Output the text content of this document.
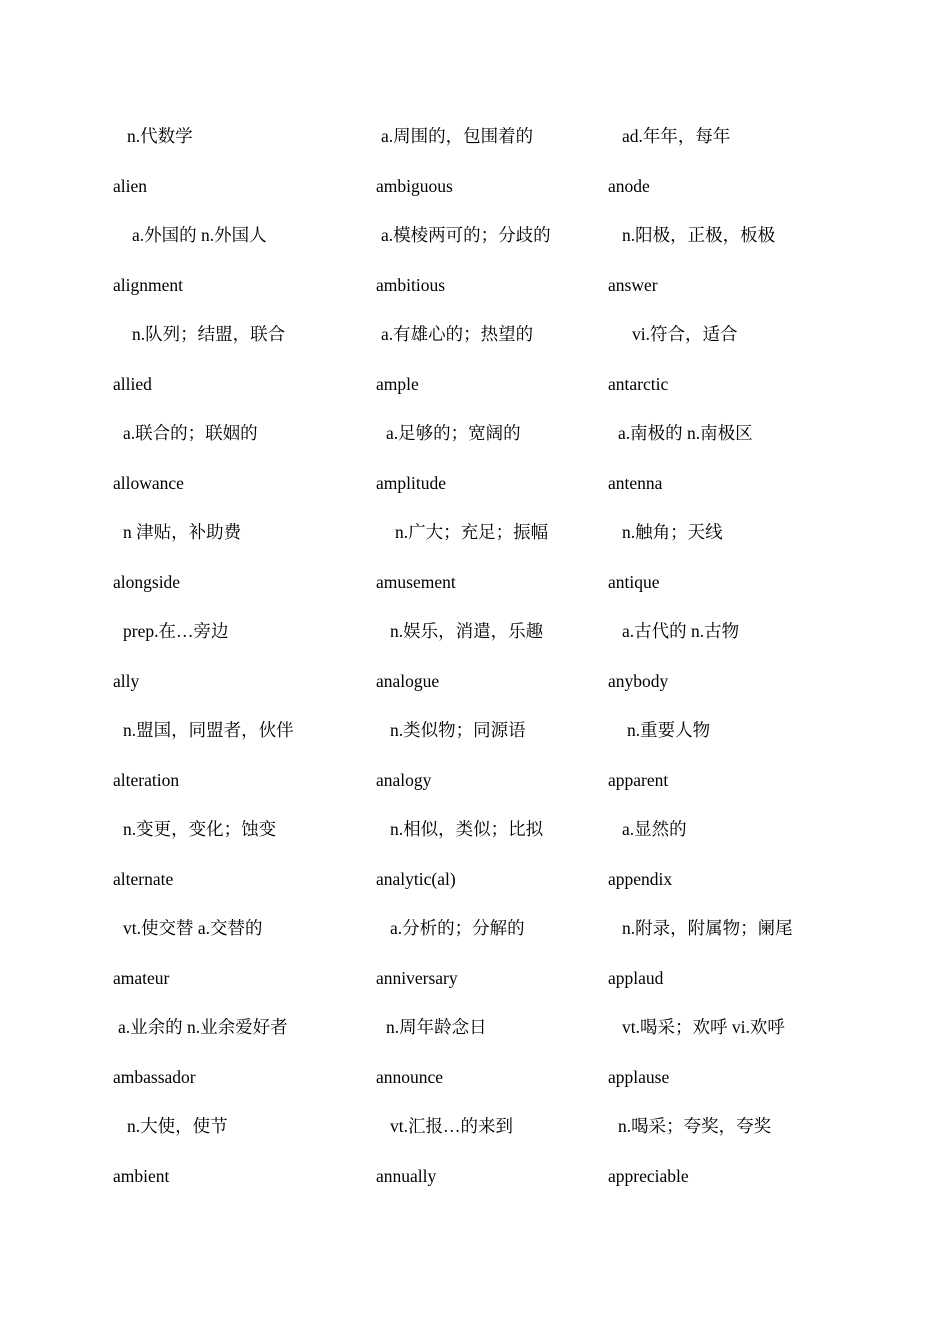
n.代数学
alien
a.外国的 n.外国人
alignment
n.队列；结盟，联合
allied
a.联合的；联姻的
allowance
n 津贴，补助费
alongside
prep.在…旁边
ally
n.盟国，同盟者，伙伴
alteration
n.变更，变化；蚀变
alternate
vt.使交替 a.交替的
amateur
a.业余的 n.业余爱好者
ambassador
n.大使，使节
ambient
a.周围的，包围着的
ambiguous
a.模棱两可的；分歧的
ambitious
a.有雄心的；热望的
ample
a.足够的；宽阔的
amplitude
n.广大；充足；振幅
amusement
n.娱乐，消遣，乐趣
analogue
n.类似物；同源语
analogy
n.相似，类似；比拟
analytic(al)
a.分析的；分解的
anniversary
n.周年龄念日
announce
vt.汇报…的来到
annually
ad.年年，每年
anode
n.阳极，正极，板极
answer
vi.符合，适合
antarctic
a.南极的 n.南极区
antenna
n.触角；天线
antique
a.古代的 n.古物
anybody
n.重要人物
apparent
a.显然的
appendix
n.附录，附属物；阑尾
applaud
vt.喝采；欢呼 vi.欢呼
applause
n.喝采；夸奖，夸奖
appreciable
